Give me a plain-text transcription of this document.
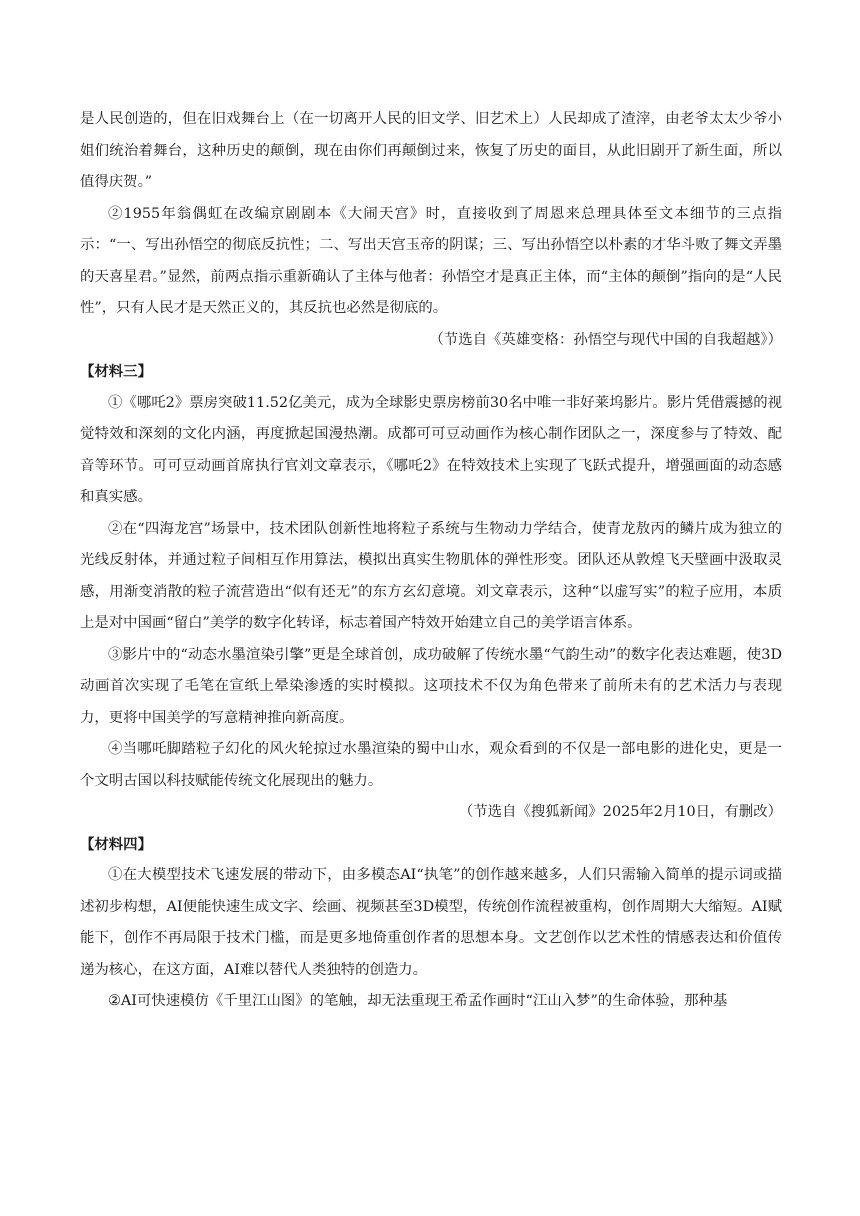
是人民创造的，但在旧戏舞台上（在一切离开人民的旧文学、旧艺术上）人民却成了渣滓，由老爷太太少爷小姐们统治着舞台，这种历史的颠倒，现在由你们再颠倒过来，恢复了历史的面目，从此旧剧开了新生面，所以值得庆贺。”

②1955年翁偶虹在改编京剧剧本《大闹天宫》时，直接收到了周恩来总理具体至文本细节的三点指示：“一、写出孙悟空的彻底反抗性；二、写出天宫玉帝的阴谋；三、写出孙悟空以朴素的才华斗败了舞文弄墨的天喜星君。”显然，前两点指示重新确认了主体与他者：孙悟空才是真正主体，而“主体的颠倒”指向的是“人民性”，只有人民才是天然正义的，其反抗也必然是彻底的。

（节选自《英雄变格：孙悟空与现代中国的自我超越》）

【材料三】

①《哪吒2》票房突破11.52亿美元，成为全球影史票房榜前30名中唯一非好莱坞影片。影片凭借震撼的视觉特效和深刻的文化内涵，再度掀起国漫热潮。成都可可豆动画作为核心制作团队之一，深度参与了特效、配音等环节。可可豆动画首席执行官刘文章表示，《哪吒2》在特效技术上实现了飞跃式提升，增强画面的动态感和真实感。

②在“四海龙宫”场景中，技术团队创新性地将粒子系统与生物动力学结合，使青龙敖丙的鳞片成为独立的光线反射体，并通过粒子间相互作用算法，模拟出真实生物肌体的弹性形变。团队还从敦煌飞天壁画中汲取灵感，用渐变消散的粒子流营造出“似有还无”的东方玄幻意境。刘文章表示，这种“以虚写实”的粒子应用，本质上是对中国画“留白”美学的数字化转译，标志着国产特效开始建立自己的美学语言体系。

③影片中的“动态水墨渲染引擎”更是全球首创，成功破解了传统水墨“气韵生动”的数字化表达难题，使3D动画首次实现了毛笔在宣纸上晕染渗透的实时模拟。这项技术不仅为角色带来了前所未有的艺术活力与表现力，更将中国美学的写意精神推向新高度。

④当哪吒脚踏粒子幻化的风火轮掠过水墨渲染的蜀中山水，观众看到的不仅是一部电影的进化史，更是一个文明古国以科技赋能传统文化展现出的魅力。

（节选自《搜狐新闻》2025年2月10日，有删改）

【材料四】

①在大模型技术飞速发展的带动下，由多模态AI“执笔”的创作越来越多，人们只需输入简单的提示词或描述初步构想，AI便能快速生成文字、绘画、视频甚至3D模型，传统创作流程被重构，创作周期大大缩短。AI赋能下，创作不再局限于技术门槛，而是更多地倚重创作者的思想本身。文艺创作以艺术性的情感表达和价值传递为核心，在这方面，AI难以替代人类独特的创造力。

②AI可快速模仿《千里江山图》的笔触，却无法重现王希孟作画时“江山入梦”的生命体验，那种基
